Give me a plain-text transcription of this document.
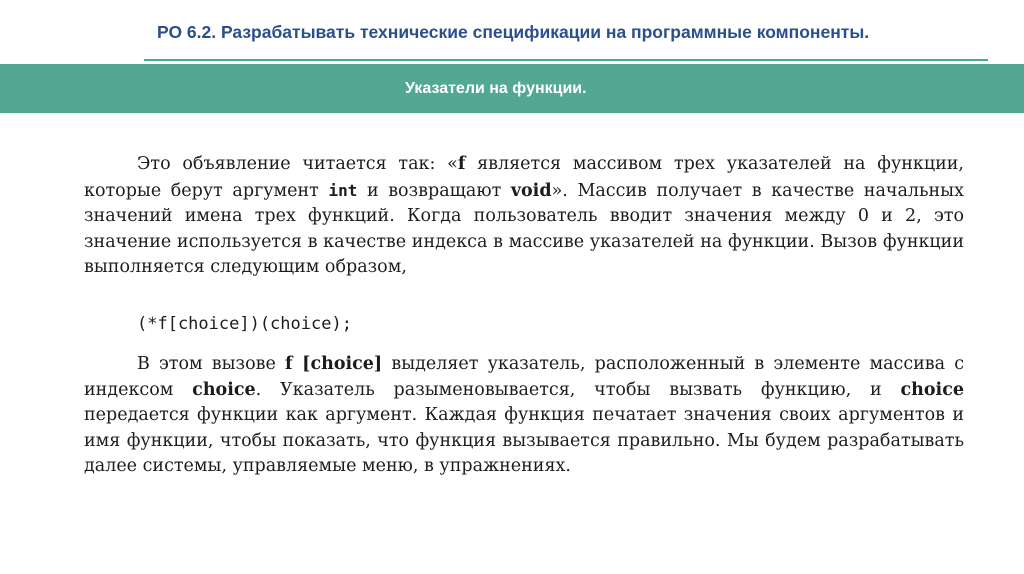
РО 6.2. Разрабатывать технические спецификации на программные компоненты.
Указатели на функции.
Это объявление читается так: «f является массивом трех указателей на функции, которые берут аргумент int и возвращают void». Массив получает в качестве начальных значений имена трех функций. Когда пользователь вводит значения между 0 и 2, это значение используется в качестве индекса в массиве указателей на функции. Вызов функции выполняется следующим образом,
(*f[choice])(choice);
В этом вызове f [choice] выделяет указатель, расположенный в элементе массива с индексом choice. Указатель разыменовывается, чтобы вызвать функцию, и choice передается функции как аргумент. Каждая функция печатает значения своих аргументов и имя функции, чтобы показать, что функция вызывается правильно. Мы будем разрабатывать далее системы, управляемые меню, в упражнениях.
